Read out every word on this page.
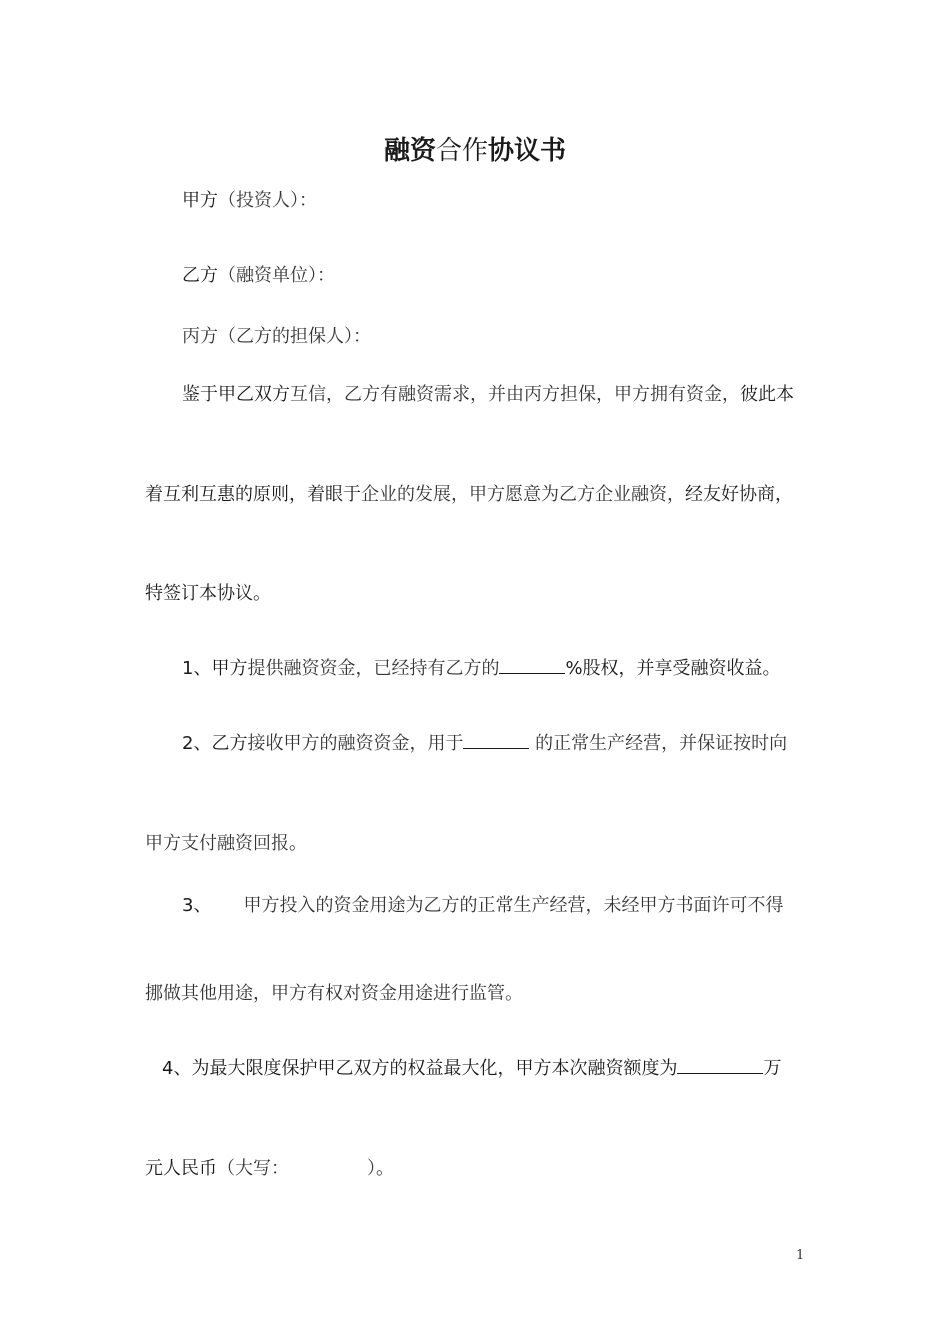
融资合作协议书
甲方（投资人）：
乙方（融资单位）：
丙方（乙方的担保人）：
鉴于甲乙双方互信，乙方有融资需求，并由丙方担保，甲方拥有资金，彼此本
着互利互惠的原则，着眼于企业的发展，甲方愿意为乙方企业融资，经友好协商，
特签订本协议。
1、甲方提供融资资金，已经持有乙方的	%股权，并享受融资收益。
2、乙方接收甲方的融资资金，用于	的正常生产经营，并保证按时向
甲方支付融资回报。
3、 甲方投入的资金用途为乙方的正常生产经营，未经甲方书面许可不得
挪做其他用途，甲方有权对资金用途进行监管。
4、为最大限度保护甲乙双方的权益最大化，甲方本次融资额度为	万
元人民币（大写：	）。
1
